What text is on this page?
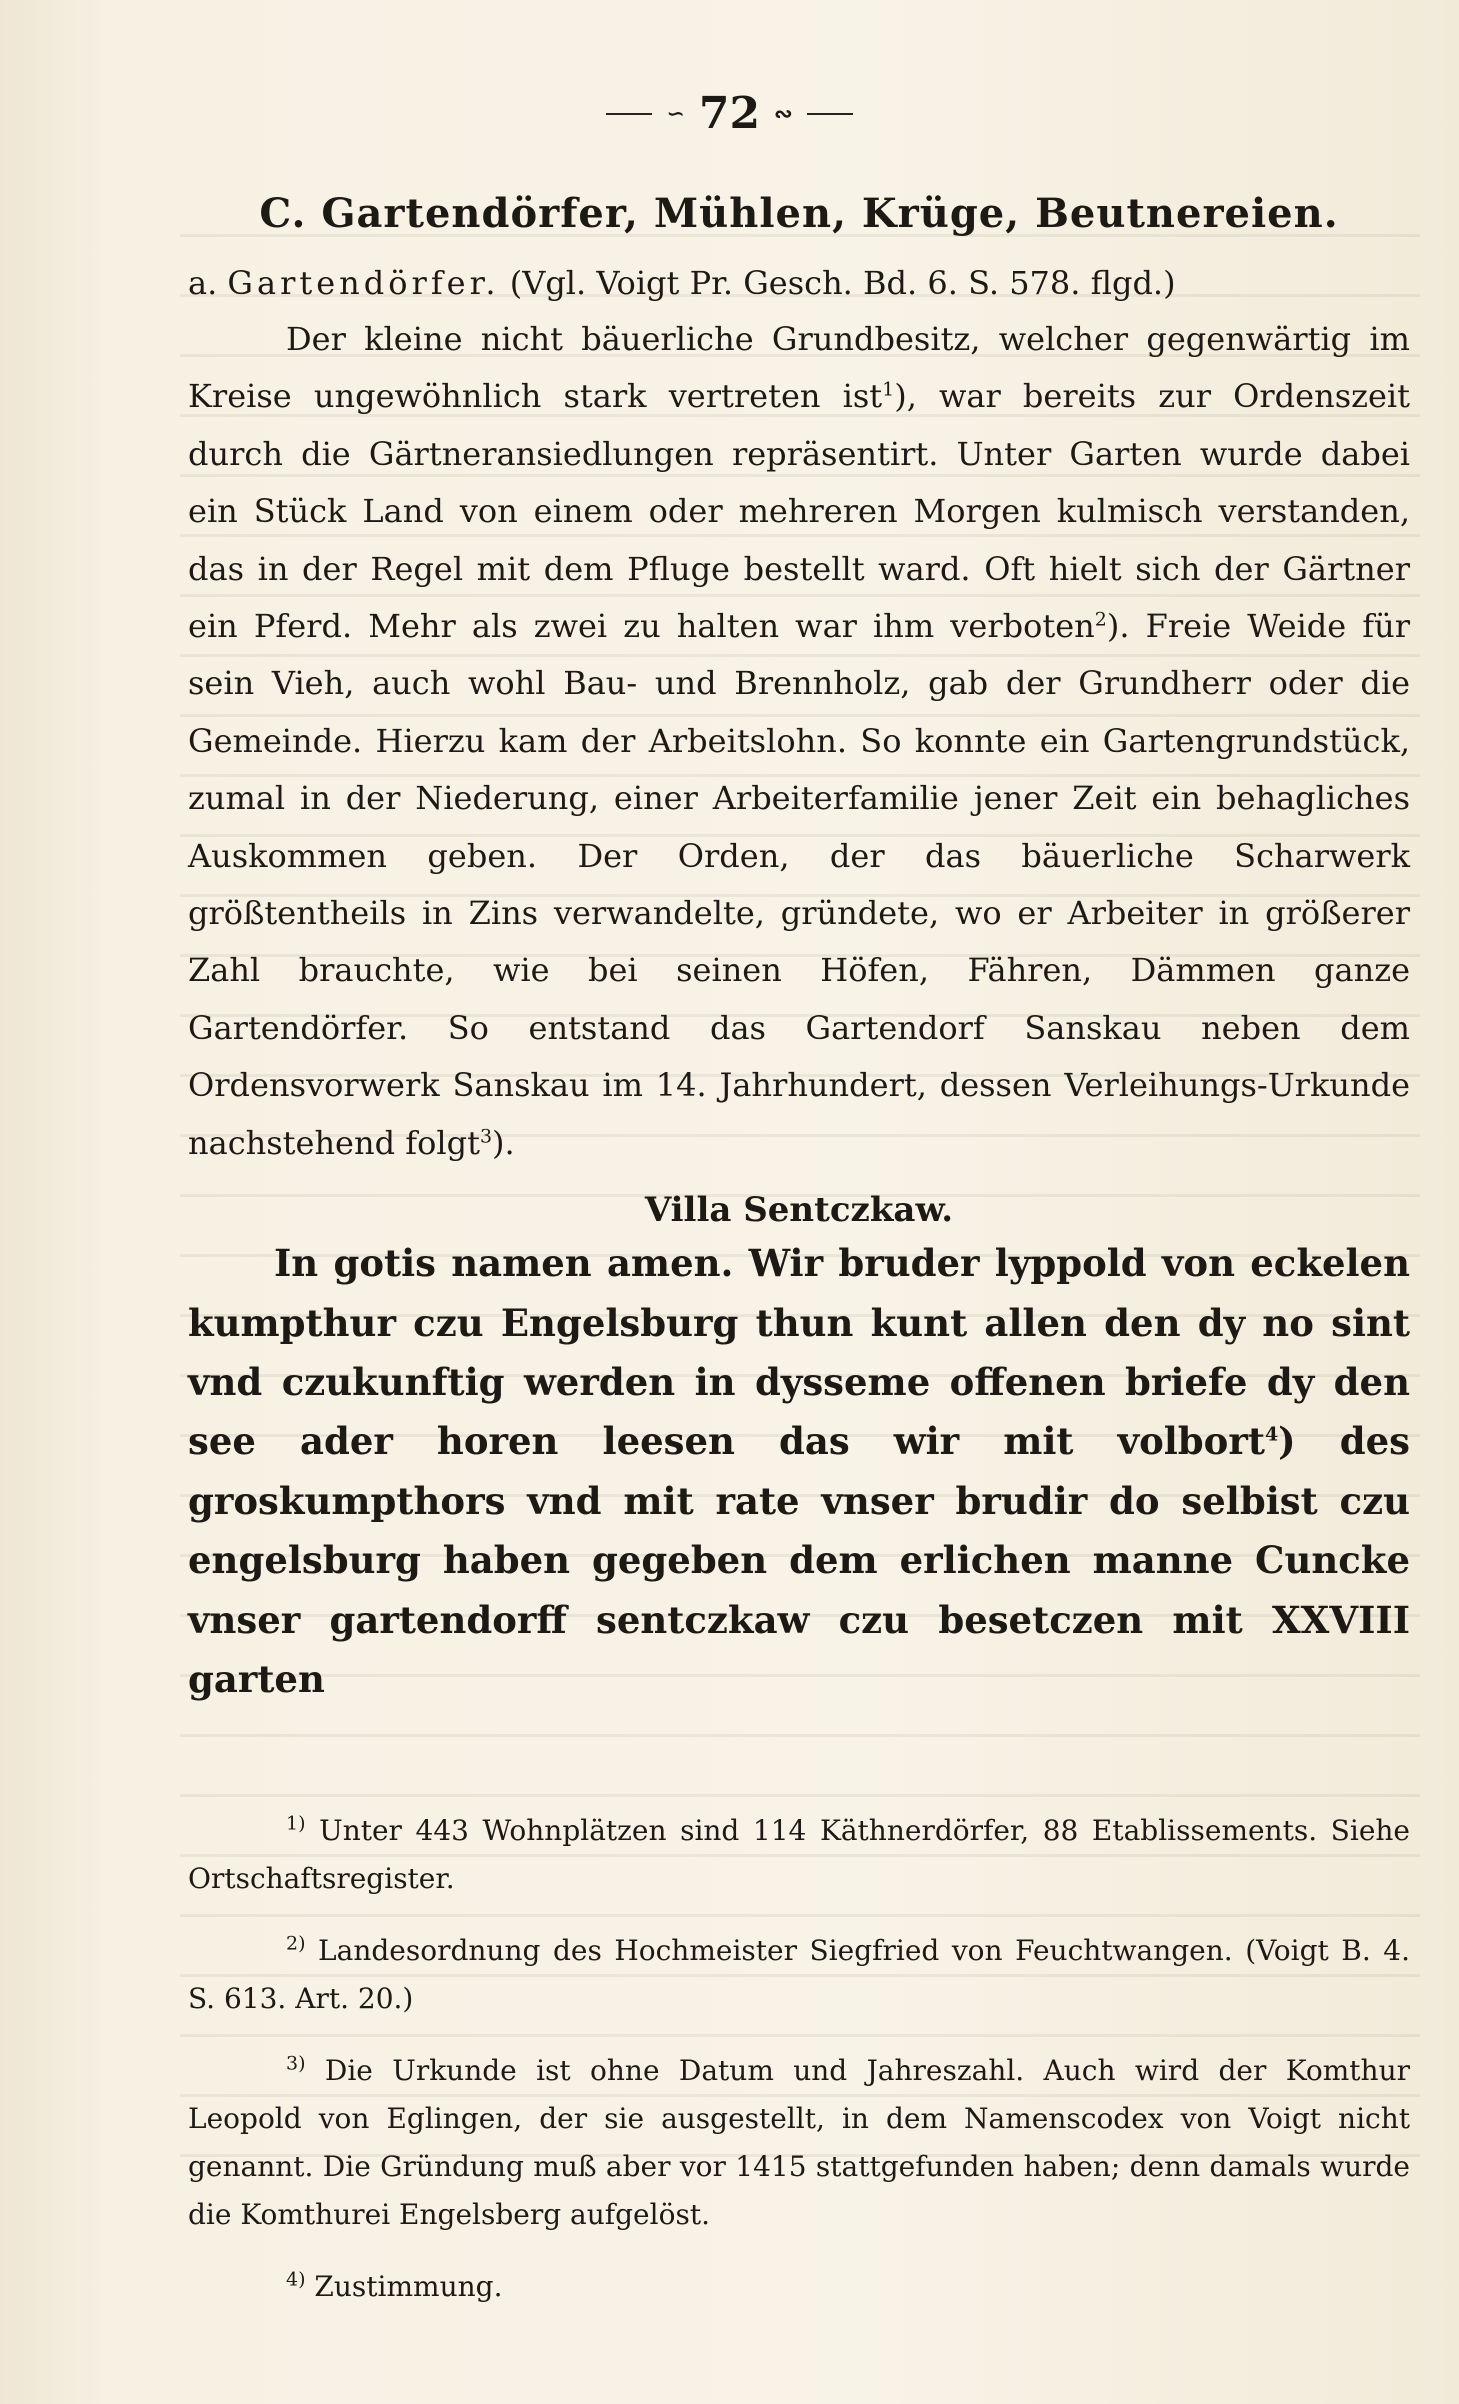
∽ 72 ∾
C. Gartendörfer, Mühlen, Krüge, Beutnereien.

a. Gartendörfer. (Vgl. Voigt Pr. Gesch. Bd. 6. S. 578. flgd.)

Der kleine nicht bäuerliche Grundbesitz, welcher gegenwärtig im Kreise ungewöhnlich stark vertreten ist$^1$), war bereits zur Ordenszeit durch die Gärtneransiedlungen repräsentirt. Unter Garten wurde dabei ein Stück Land von einem oder mehreren Morgen kulmisch verstanden, das in der Regel mit dem Pfluge bestellt ward. Oft hielt sich der Gärtner ein Pferd. Mehr als zwei zu halten war ihm verboten$^2$). Freie Weide für sein Vieh, auch wohl Bau- und Brennholz, gab der Grundherr oder die Gemeinde. Hierzu kam der Arbeitslohn. So konnte ein Gartengrundstück, zumal in der Niederung, einer Arbeiterfamilie jener Zeit ein behagliches Auskommen geben. Der Orden, der das bäuerliche Scharwerk größtentheils in Zins verwandelte, gründete, wo er Arbeiter in größerer Zahl brauchte, wie bei seinen Höfen, Fähren, Dämmen ganze Gartendörfer. So entstand das Gartendorf Sanskau neben dem Ordensvorwerk Sanskau im 14. Jahrhundert, dessen Verleihungs-Urkunde nachstehend folgt$^3$).

Villa Sentczkaw.

In gotis namen amen. Wir bruder lyppold von eckelen kumpthur czu Engelsburg thun kunt allen den dy no sint vnd czukunftig werden in dysseme offenen briefe dy den see ader horen leesen das wir mit volbort$^4$) des groskumpthors vnd mit rate vnser brudir do selbist czu engelsburg haben gegeben dem erlichen manne Cuncke vnser gartendorff sentczkaw czu besetczen mit XXVIII garten

$^{1)}$ Unter 443 Wohnplätzen sind 114 Käthnerdörfer, 88 Etablissements. Siehe Ortschaftsregister.

$^{2)}$ Landesordnung des Hochmeister Siegfried von Feuchtwangen. (Voigt B. 4. S. 613. Art. 20.)

$^{3)}$ Die Urkunde ist ohne Datum und Jahreszahl. Auch wird der Komthur Leopold von Eglingen, der sie ausgestellt, in dem Namenscodex von Voigt nicht genannt. Die Gründung muß aber vor 1415 stattgefunden haben; denn damals wurde die Komthurei Engelsberg aufgelöst.

$^{4)}$ Zustimmung.
